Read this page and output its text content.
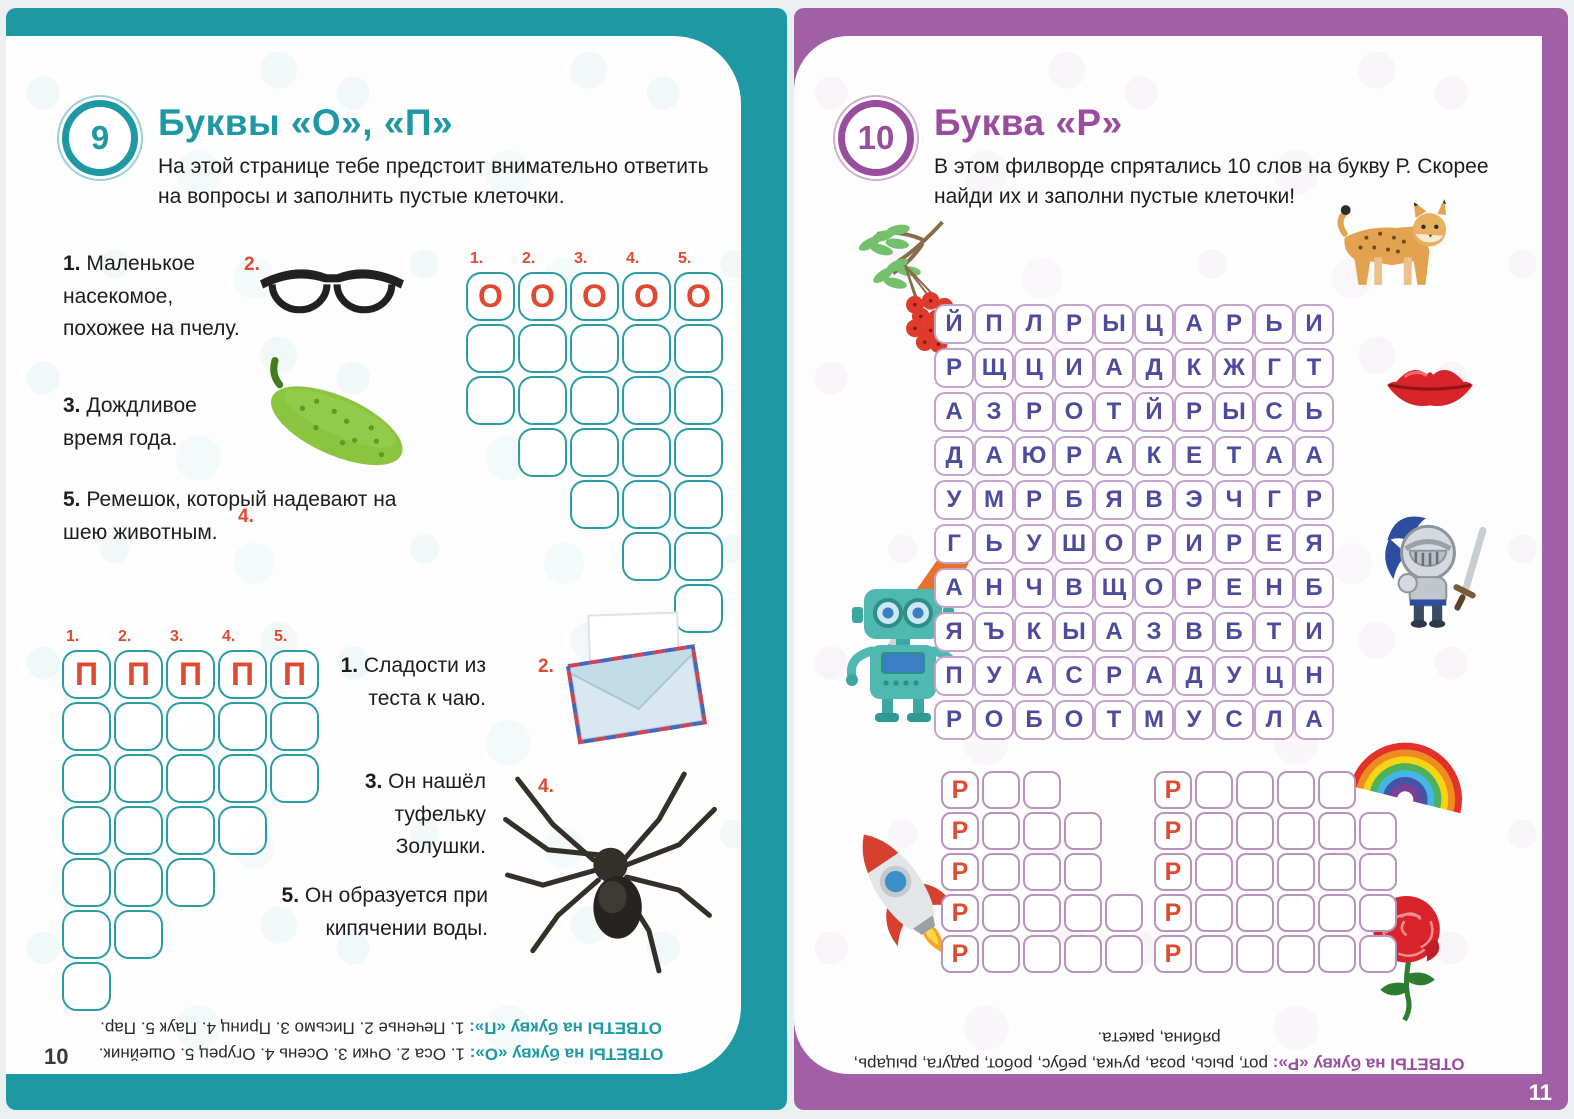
9	Буквы «О», «П»
На этой странице тебе предстоит внимательно ответить на вопросы и заполнить пустые клеточки.
1. Маленькое насекомое, похожее на пчелу.
2.
3. Дождливое время года.
4.
5. Ремешок, который надевают на шею животным.
1.
О
2.
О
3.
О
4.
О
5.
О
1.
П
2.
П
3.
П
4.
П
5.
П	1. Сладости из теста к чаю.
2.
3. Он нашёл туфельку Золушки.
4.
5. Он образуется при кипячении воды.
ОТВЕТЫ на букву «О»: 1. Оса 2. Очки 3. Осень 4. Огурец 5. Ошейник.
ОТВЕТЫ на букву «П»: 1. Печенье 2. Письмо 3. Принц 4. Паук 5. Пар.
10
10	Буква «Р»
В этом филворде спрятались 10 слов на букву Р. Скорее найди их и заполни пустые клеточки!
Й П Л Р Ы Ц А Р Ь И
Р Щ Ц И А Д	К Ж Г	Т
А З	Р О Т	Й Р Ы С Ь
Д А Ю Р А	К	Е	Т	А А
У М Р Б Я В Э Ч	Г	Р
Г	Ь У Ш О Р И Р Е Я
А Н Ч В Щ О Р Е Н Б
Я Ъ К Ы А З В Б	Т	И
П У А С Р А Д У Ц Н
Р О Б О Т М У С Л А
Р
Р
Р
Р
Р
Р
Р
Р
Р
Р
ОТВЕТЫ на букву «Р»: рот, рысь, роза, ручка, ребус, робот, радуга, рыцарь, рябина, ракета.
11
